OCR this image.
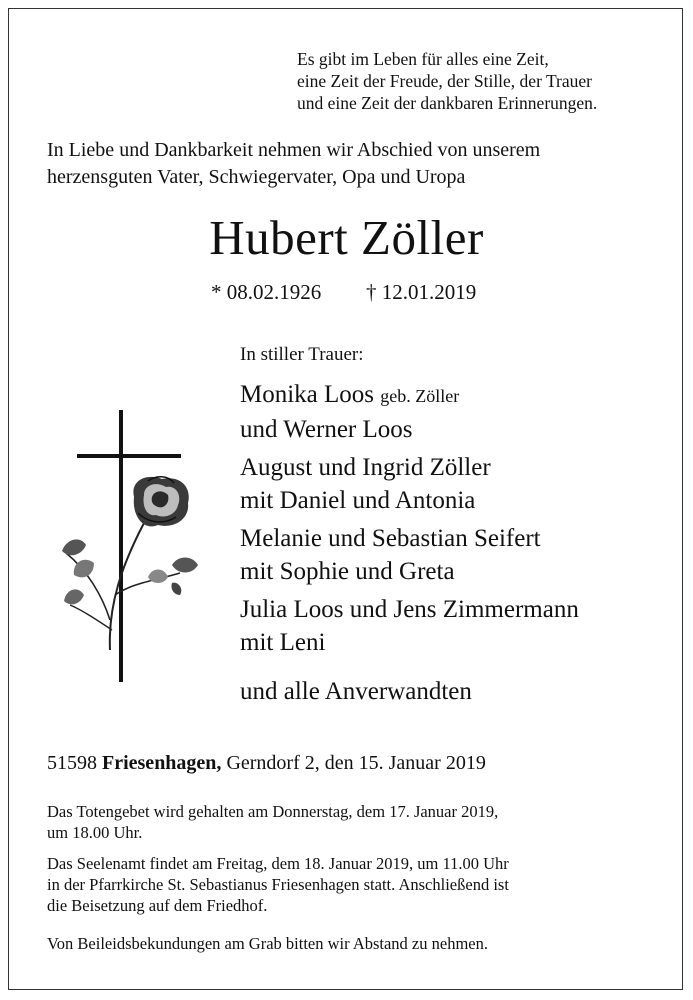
Es gibt im Leben für alles eine Zeit,
eine Zeit der Freude, der Stille, der Trauer
und eine Zeit der dankbaren Erinnerungen.
In Liebe und Dankbarkeit nehmen wir Abschied von unserem
herzensguten Vater, Schwiegervater, Opa und Uropa
Hubert Zöller
* 08.02.1926 † 12.01.2019
In stiller Trauer:
Monika Loos geb. Zöller
und Werner Loos
August und Ingrid Zöller
mit Daniel und Antonia
Melanie und Sebastian Seifert
mit Sophie und Greta
Julia Loos und Jens Zimmermann
mit Leni
und alle Anverwandten
51598 Friesenhagen, Gerndorf 2, den 15. Januar 2019
Das Totengebet wird gehalten am Donnerstag, dem 17. Januar 2019,
um 18.00 Uhr.
Das Seelenamt findet am Freitag, dem 18. Januar 2019, um 11.00 Uhr
in der Pfarrkirche St. Sebastianus Friesenhagen statt. Anschließend ist
die Beisetzung auf dem Friedhof.
Von Beileidsbekundungen am Grab bitten wir Abstand zu nehmen.
